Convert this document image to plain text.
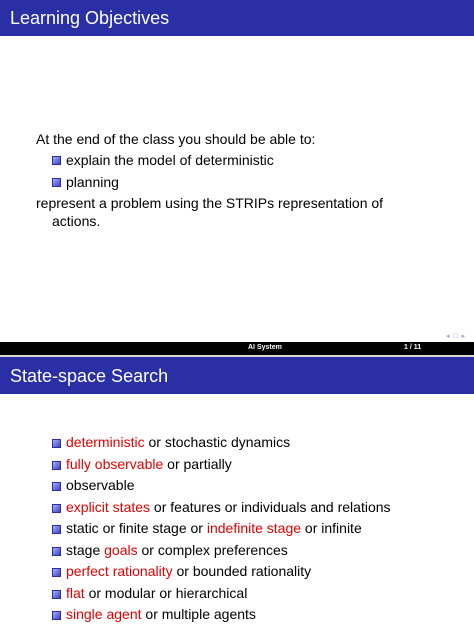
Learning Objectives
At the end of the class you should be able to:
explain the model of deterministic
planning
represent a problem using the STRIPs representation of
actions.
◂ □ ▸
AI System	1 / 11
State-space Search
deterministic or stochastic dynamics
fully observable or partially
observable
explicit states or features or individuals and relations
static or finite stage or indefinite stage or infinite
stage goals or complex preferences
perfect rationality or bounded rationality
flat or modular or hierarchical
single agent or multiple agents
